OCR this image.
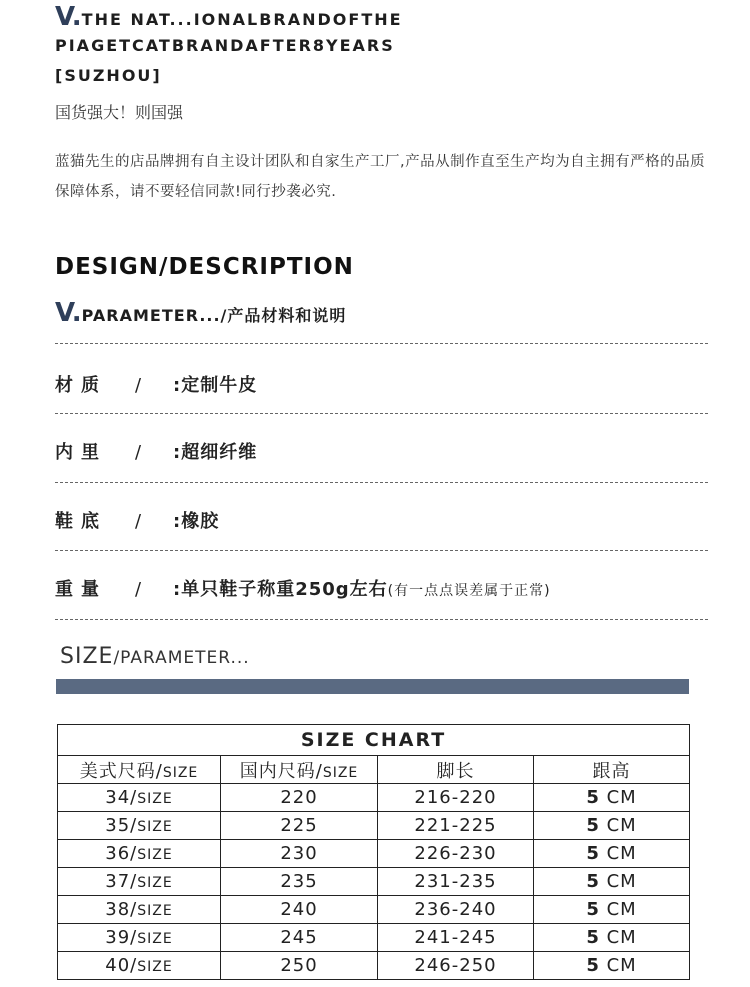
V.THE NAT...IONALBRANDOFTHE
PIAGETCATBRANDAFTER8YEARS
[SUZHOU]
国货强大！则国强
蓝猫先生的店品牌拥有自主设计团队和自家生产工厂,产品从制作直至生产均为自主拥有严格的品质保障体系，请不要轻信同款!同行抄袭必究.
DESIGN/DESCRIPTION
V.PARAMETER.../产品材料和说明
材质 / :定制牛皮
内里 / :超细纤维
鞋底 / :橡胶
重量 / :单只鞋子称重250g左右(有一点点误差属于正常)
SIZE/PARAMETER...
SIZE CHART			
美式尺码/SIZE	国内尺码/SIZE	脚长	跟高
34/SIZE	220	216-220	5 CM
35/SIZE	225	221-225	5 CM
36/SIZE	230	226-230	5 CM
37/SIZE	235	231-235	5 CM
38/SIZE	240	236-240	5 CM
39/SIZE	245	241-245	5 CM
40/SIZE	250	246-250	5 CM
